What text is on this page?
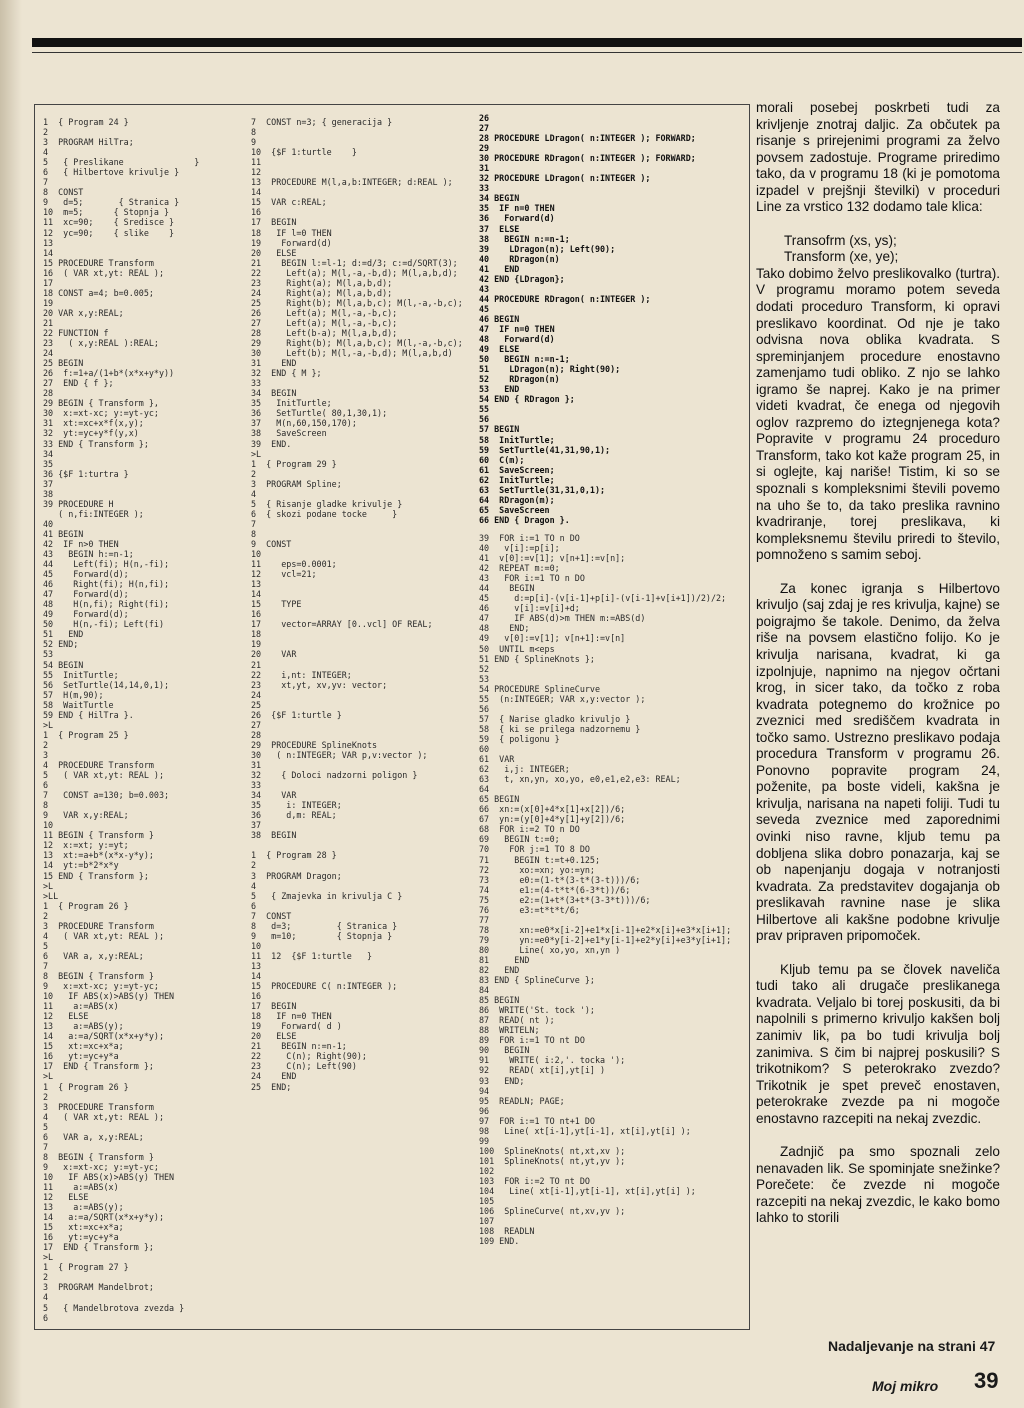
1  { Program 24 }
2
3  PROGRAM HilTra;
4
5   { Preslikane              }
6   { Hilbertove krivulje }
7
8  CONST
9   d=5;       { Stranica }
10  m=5;      { Stopnja }
11  xc=90;    { Sredisce }
12  yc=90;    { slike    }
13
14
15 PROCEDURE Transform
16  ( VAR xt,yt: REAL );
17
18 CONST a=4; b=0.005;
19
20 VAR x,y:REAL;
21
22 FUNCTION f
23   ( x,y:REAL ):REAL;
24
25 BEGIN
26  f:=1+a/(1+b*(x*x+y*y))
27  END { f };
28
29 BEGIN { Transform },
30  x:=xt-xc; y:=yt-yc;
31  xt:=xc+x*f(x,y);
32  yt:=yc+y*f(y,x)
33 END { Transform };
34
35
36 {$F 1:turtra }
37
38
39 PROCEDURE H
( n,fi:INTEGER );
40
41 BEGIN
42  IF n>0 THEN
43   BEGIN h:=n-1;
44    Left(fi); H(n,-fi);
45    Forward(d);
46    Right(fi); H(n,fi);
47    Forward(d);
48    H(n,fi); Right(fi);
49    Forward(d);
50    H(n,-fi); Left(fi)
51   END
52 END;
53
54 BEGIN
55  InitTurtle;
56  SetTurtle(14,14,0,1);
57  H(m,90);
58  WaitTurtle
59 END { HilTra }.
>L
1  { Program 25 }
2
3
4  PROCEDURE Transform
5   ( VAR xt,yt: REAL );
6
7   CONST a=130; b=0.003;
8
9   VAR x,y:REAL;
10
11 BEGIN { Transform }
12  x:=xt; y:=yt;
13  xt:=a+b*(x*x-y*y);
14  yt:=b*2*x*y
15 END { Transform };
>L
>LL
1  { Program 26 }
2
3  PROCEDURE Transform
4   ( VAR xt,yt: REAL );
5
6   VAR a, x,y:REAL;
7
8  BEGIN { Transform }
9   x:=xt-xc; y:=yt-yc;
10   IF ABS(x)>ABS(y) THEN
11    a:=ABS(x)
12   ELSE
13    a:=ABS(y);
14   a:=a/SQRT(x*x+y*y);
15   xt:=xc+x*a;
16   yt:=yc+y*a
17  END { Transform };
>L
1  { Program 26 }
2
3  PROCEDURE Transform
4   ( VAR xt,yt: REAL );
5
6   VAR a, x,y:REAL;
7
8  BEGIN { Transform }
9   x:=xt-xc; y:=yt-yc;
10   IF ABS(x)>ABS(y) THEN
11    a:=ABS(x)
12   ELSE
13    a:=ABS(y);
14   a:=a/SQRT(x*x+y*y);
15   xt:=xc+x*a;
16   yt:=yc+y*a
17  END { Transform };
>L
1  { Program 27 }
2
3  PROGRAM Mandelbrot;
4
5   { Mandelbrotova zvezda }
6
7  CONST n=3; { generacija }
8
9
10  {$F 1:turtle    }
11
12
13  PROCEDURE M(l,a,b:INTEGER; d:REAL );
14
15  VAR c:REAL;
16
17  BEGIN
18   IF l=0 THEN
19    Forward(d)
20   ELSE
21    BEGIN l:=l-1; d:=d/3; c:=d/SQRT(3);
22     Left(a); M(l,-a,-b,d); M(l,a,b,d);
23     Right(a); M(l,a,b,d);
24     Right(a); M(l,a,b,d);
25     Right(b); M(l,a,b,c); M(l,-a,-b,c);
26     Left(a); M(l,-a,-b,c);
27     Left(a); M(l,-a,-b,c);
28     Left(b-a); M(l,a,b,d);
29     Right(b); M(l,a,b,c); M(l,-a,-b,c);
30     Left(b); M(l,-a,-b,d); M(l,a,b,d)
31    END
32  END { M };
33
34  BEGIN
35   InitTurtle;
36   SetTurtle( 80,1,30,1);
37   M(n,60,150,170);
38   SaveScreen
39  END.
>L
1  { Program 29 }
2
3  PROGRAM Spline;
4
5  { Risanje gladke krivulje }
6  { skozi podane tocke     }
7
8
9  CONST
10
11    eps=0.0001;
12    vcl=21;
13
14
15    TYPE
16
17    vector=ARRAY [0..vcl] OF REAL;
18
19
20    VAR
21
22    i,nt: INTEGER;
23    xt,yt, xv,yv: vector;
24
25
26  {$F 1:turtle }
27
28
29  PROCEDURE SplineKnots
30   ( n:INTEGER; VAR p,v:vector );
31
32    { Doloci nadzorni poligon }
33
34    VAR
35     i: INTEGER;
36     d,m: REAL;
37
38  BEGIN
1  { Program 28 }
2
3  PROGRAM Dragon;
4
5   { Zmajevka in krivulja C }
6
7  CONST
8   d=3;         { Stranica }
9   m=10;        { Stopnja }
10
11  12  {$F 1:turtle   }
13
14
15  PROCEDURE C( n:INTEGER );
16
17  BEGIN
18   IF n=0 THEN
19    Forward( d )
20   ELSE
21    BEGIN n:=n-1;
22     C(n); Right(90);
23     C(n); Left(90)
24    END
25  END;
26
27
28 PROCEDURE LDragon( n:INTEGER ); FORWARD;
29
30 PROCEDURE RDragon( n:INTEGER ); FORWARD;
31
32 PROCEDURE LDragon( n:INTEGER );
33
34 BEGIN
35  IF n=0 THEN
36   Forward(d)
37  ELSE
38   BEGIN n:=n-1;
39    LDragon(n); Left(90);
40    RDragon(n)
41   END
42 END {LDragon};
43
44 PROCEDURE RDragon( n:INTEGER );
45
46 BEGIN
47  IF n=0 THEN
48   Forward(d)
49  ELSE
50   BEGIN n:=n-1;
51    LDragon(n); Right(90);
52    RDragon(n)
53   END
54 END { RDragon };
55
56
57 BEGIN
58  InitTurtle;
59  SetTurtle(41,31,90,1);
60  C(m);
61  SaveScreen;
62  InitTurtle;
63  SetTurtle(31,31,0,1);
64  RDragon(m);
65  SaveScreen
66 END { Dragon }.
39  FOR i:=1 TO n DO
40   v[i]:=p[i];
41  v[0]:=v[1]; v[n+1]:=v[n];
42  REPEAT m:=0;
43   FOR i:=1 TO n DO
44    BEGIN
45     d:=p[i]-(v[i-1]+p[i]-(v[i-1]+v[i+1])/2)/2;
46     v[i]:=v[i]+d;
47     IF ABS(d)>m THEN m:=ABS(d)
48    END;
49   v[0]:=v[1]; v[n+1]:=v[n]
50  UNTIL m<eps
51 END { SplineKnots };
52
53
54 PROCEDURE SplineCurve
55  (n:INTEGER; VAR x,y:vector );
56
57  { Narise gladko krivuljo }
58  { ki se prilega nadzornemu }
59  { poligonu }
60
61  VAR
62   i,j: INTEGER;
63   t, xn,yn, xo,yo, e0,e1,e2,e3: REAL;
64
65 BEGIN
66  xn:=(x[0]+4*x[1]+x[2])/6;
67  yn:=(y[0]+4*y[1]+y[2])/6;
68  FOR i:=2 TO n DO
69   BEGIN t:=0;
70    FOR j:=1 TO 8 DO
71     BEGIN t:=t+0.125;
72      xo:=xn; yo:=yn;
73      e0:=(1-t*(3-t*(3-t)))/6;
74      e1:=(4-t*t*(6-3*t))/6;
75      e2:=(1+t*(3+t*(3-3*t)))/6;
76      e3:=t*t*t/6;
77
78      xn:=e0*x[i-2]+e1*x[i-1]+e2*x[i]+e3*x[i+1];
79      yn:=e0*y[i-2]+e1*y[i-1]+e2*y[i]+e3*y[i+1];
80      Line( xo,yo, xn,yn )
81     END
82   END
83 END { SplineCurve };
84
85 BEGIN
86  WRITE('St. tock ');
87  READ( nt );
88  WRITELN;
89  FOR i:=1 TO nt DO
90   BEGIN
91    WRITE( i:2,'. tocka ');
92    READ( xt[i],yt[i] )
93   END;
94
95  READLN; PAGE;
96
97  FOR i:=1 TO nt+1 DO
98   Line( xt[i-1],yt[i-1], xt[i],yt[i] );
99
100  SplineKnots( nt,xt,xv );
101  SplineKnots( nt,yt,yv );
102
103  FOR i:=2 TO nt DO
104   Line( xt[i-1],yt[i-1], xt[i],yt[i] );
105
106  SplineCurve( nt,xv,yv );
107
108  READLN
109 END.

morali posebej poskrbeti tudi za krivljenje znotraj daljic. Za občutek pa risanje s prirejenimi programi za želvo povsem zadostuje. Programe priredimo tako, da v programu 18 (ki je pomotoma izpadel v prejšnji številki) v proceduri Line za vrstico 132 dodamo tale klica:

Transofrm (xs, ys);
Transform (xe, ye);

Tako dobimo želvo preslikovalko (turtra). V programu moramo potem seveda dodati proceduro Transform, ki opravi preslikavo koordinat. Od nje je tako odvisna nova oblika kvadrata. S spreminjanjem procedure enostavno zamenjamo tudi obliko. Z njo se lahko igramo še naprej. Kako je na primer videti kvadrat, če enega od njegovih oglov razpremo do iztegnjenega kota? Popravite v programu 24 proceduro Transform, tako kot kaže program 25, in si oglejte, kaj nariše! Tistim, ki so se spoznali s kompleksnimi števili povemo na uho še to, da tako preslika ravnino kvadriranje, torej preslikava, ki kompleksnemu številu priredi to število, pomnoženo s samim seboj.

Za konec igranja s Hilbertovo krivuljo (saj zdaj je res krivulja, kajne) se poigrajmo še takole. Denimo, da želva riše na povsem elastično folijo. Ko je krivulja narisana, kvadrat, ki ga izpolnjuje, napnimo na njegov očrtani krog, in sicer tako, da točko z roba kvadrata potegnemo do krožnice po zveznici med središčem kvadrata in točko samo. Ustrezno preslikavo podaja procedura Transform v programu 26. Ponovno popravite program 24, poženite, pa boste videli, kakšna je krivulja, narisana na napeti foliji. Tudi tu seveda zveznice med zaporednimi ovinki niso ravne, kljub temu pa dobljena slika dobro ponazarja, kaj se ob napenjanju dogaja v notranjosti kvadrata. Za predstavitev dogajanja ob preslikavah ravnine nase je slika Hilbertove ali kakšne podobne krivulje prav pripraven pripomoček.

Kljub temu pa se človek naveliča tudi tako ali drugače preslikanega kvadrata. Veljalo bi torej poskusiti, da bi napolnili s primerno krivuljo kakšen bolj zanimiv lik, pa bo tudi krivulja bolj zanimiva. S čim bi najprej poskusili? S trikotnikom? S peterokrako zvezdo? Trikotnik je spet preveč enostaven, peterokrake zvezde pa ni mogoče enostavno razcepiti na nekaj zvezdic.

Zadnjič pa smo spoznali zelo nenavaden lik. Se spominjate snežinke? Porečete: če zvezde ni mogoče razcepiti na nekaj zvezdic, le kako bomo lahko to storili

Nadaljevanje na strani 47
Moj mikro 39
